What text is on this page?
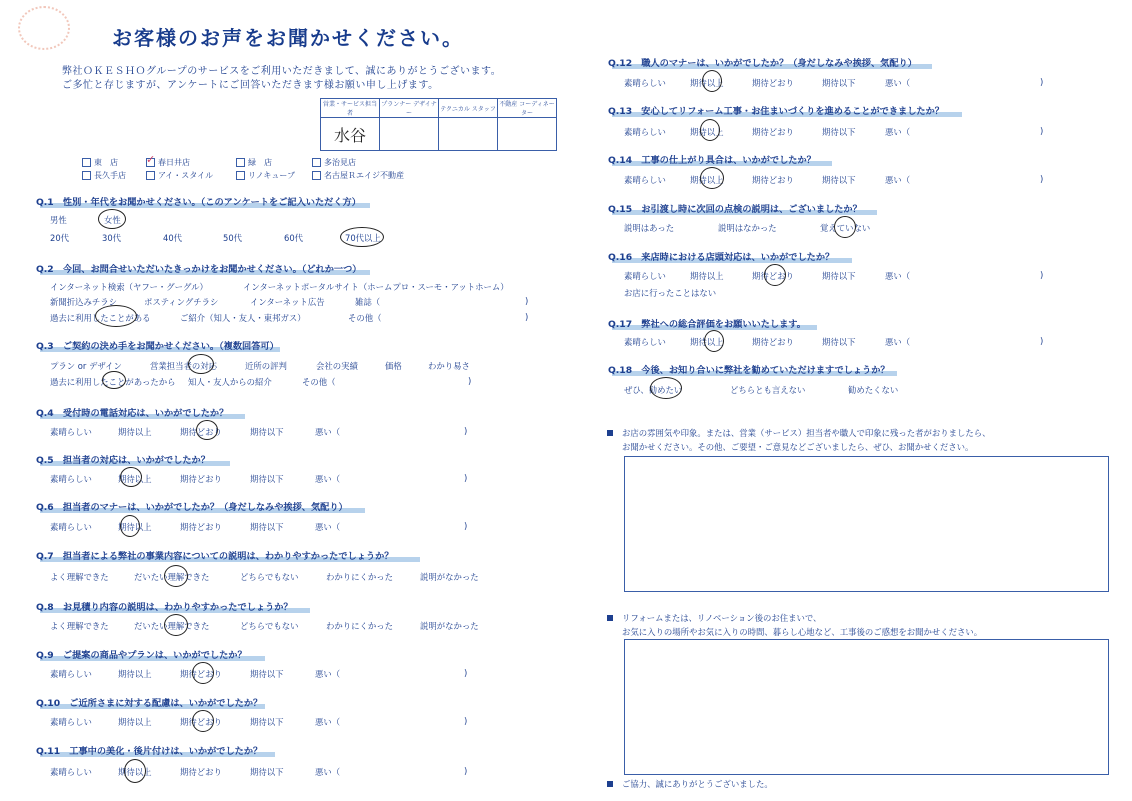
お客様のお声をお聞かせください。
弊社ＯＫＥＳＨＯグループのサービスをご利用いただきまして、誠にありがとうございます。
ご多忙と存じますが、アンケートにご回答いただきます様お願い申し上げます。
営業・サービス担当者	プランナー デザイナー	テクニカル スタッフ	不動産 コーディネーター
水谷			
東　店	✓ 春日井店	緑　店	多治見店
長久手店	アイ・スタイル	リノキューブ	名古屋Ｒエイジ不動産
Q.1　性別・年代をお聞かせください。（このアンケートをご記入いただく方）
男性	女性
20代	30代	40代	50代	60代	70代以上
Q.2　今回、お問合せいただいたきっかけをお聞かせください。（どれか一つ）
インターネット検索（ヤフー・グーグル）	インターネットポータルサイト（ホームプロ・スーモ・アットホーム）
新聞折込みチラシ	ポスティングチラシ	インターネット広告	雑誌（	)
過去に利用したことがある	ご紹介（知人・友人・東邦ガス）	その他（	)
Q.3　ご契約の決め手をお聞かせください。（複数回答可）
プラン or デザイン	営業担当者の対応	近所の評判	会社の実績	価格	わかり易さ
過去に利用したことがあったから 知人・友人からの紹介	その他（	)
Q.4　受付時の電話対応は、いかがでしたか？
素晴らしい	期待以上	期待どおり	期待以下	悪い（	)
Q.5　担当者の対応は、いかがでしたか？
素晴らしい	期待以上	期待どおり	期待以下	悪い（	)
Q.6　担当者のマナーは、いかがでしたか？（身だしなみや挨拶、気配り）
素晴らしい	期待以上	期待どおり	期待以下	悪い（	)
Q.7　担当者による弊社の事業内容についての説明は、わかりやすかったでしょうか？
よく理解できた	だいたい理解できた	どちらでもない	わかりにくかった	説明がなかった
Q.8　お見積り内容の説明は、わかりやすかったでしょうか？
よく理解できた	だいたい理解できた	どちらでもない	わかりにくかった	説明がなかった
Q.9　ご提案の商品やプランは、いかがでしたか？
素晴らしい	期待以上	期待どおり	期待以下	悪い（	)
Q.10　ご近所さまに対する配慮は、いかがでしたか？
素晴らしい	期待以上	期待どおり	期待以下	悪い（	)
Q.11　工事中の美化・後片付けは、いかがでしたか？
素晴らしい	期待以上	期待どおり	期待以下	悪い（	)
Q.12　職人のマナーは、いかがでしたか？（身だしなみや挨拶、気配り）
素晴らしい	期待以上	期待どおり	期待以下	悪い（	)
Q.13　安心してリフォーム工事・お住まいづくりを進めることができましたか？
素晴らしい	期待以上	期待どおり	期待以下	悪い（	)
Q.14　工事の仕上がり具合は、いかがでしたか？
素晴らしい	期待以上	期待どおり	期待以下	悪い（	)
Q.15　お引渡し時に次回の点検の説明は、ございましたか？
説明はあった	説明はなかった	覚えていない
Q.16　来店時における店頭対応は、いかがでしたか？
素晴らしい	期待以上	期待どおり	期待以下	悪い（	)
お店に行ったことはない
Q.17　弊社への総合評価をお願いいたします。
素晴らしい	期待以上	期待どおり	期待以下	悪い（	)
Q.18　今後、お知り合いに弊社を勧めていただけますでしょうか？
ぜひ、勧めたい	どちらとも言えない	勧めたくない
お店の雰囲気や印象。または、営業（サービス）担当者や職人で印象に残った者がおりましたら、
お聞かせください。その他、ご要望・ご意見などございましたら、ぜひ、お聞かせください。
リフォームまたは、リノベーション後のお住まいで、
お気に入りの場所やお気に入りの時間、暮らし心地など、工事後のご感想をお聞かせください。
ご協力、誠にありがとうございました。
